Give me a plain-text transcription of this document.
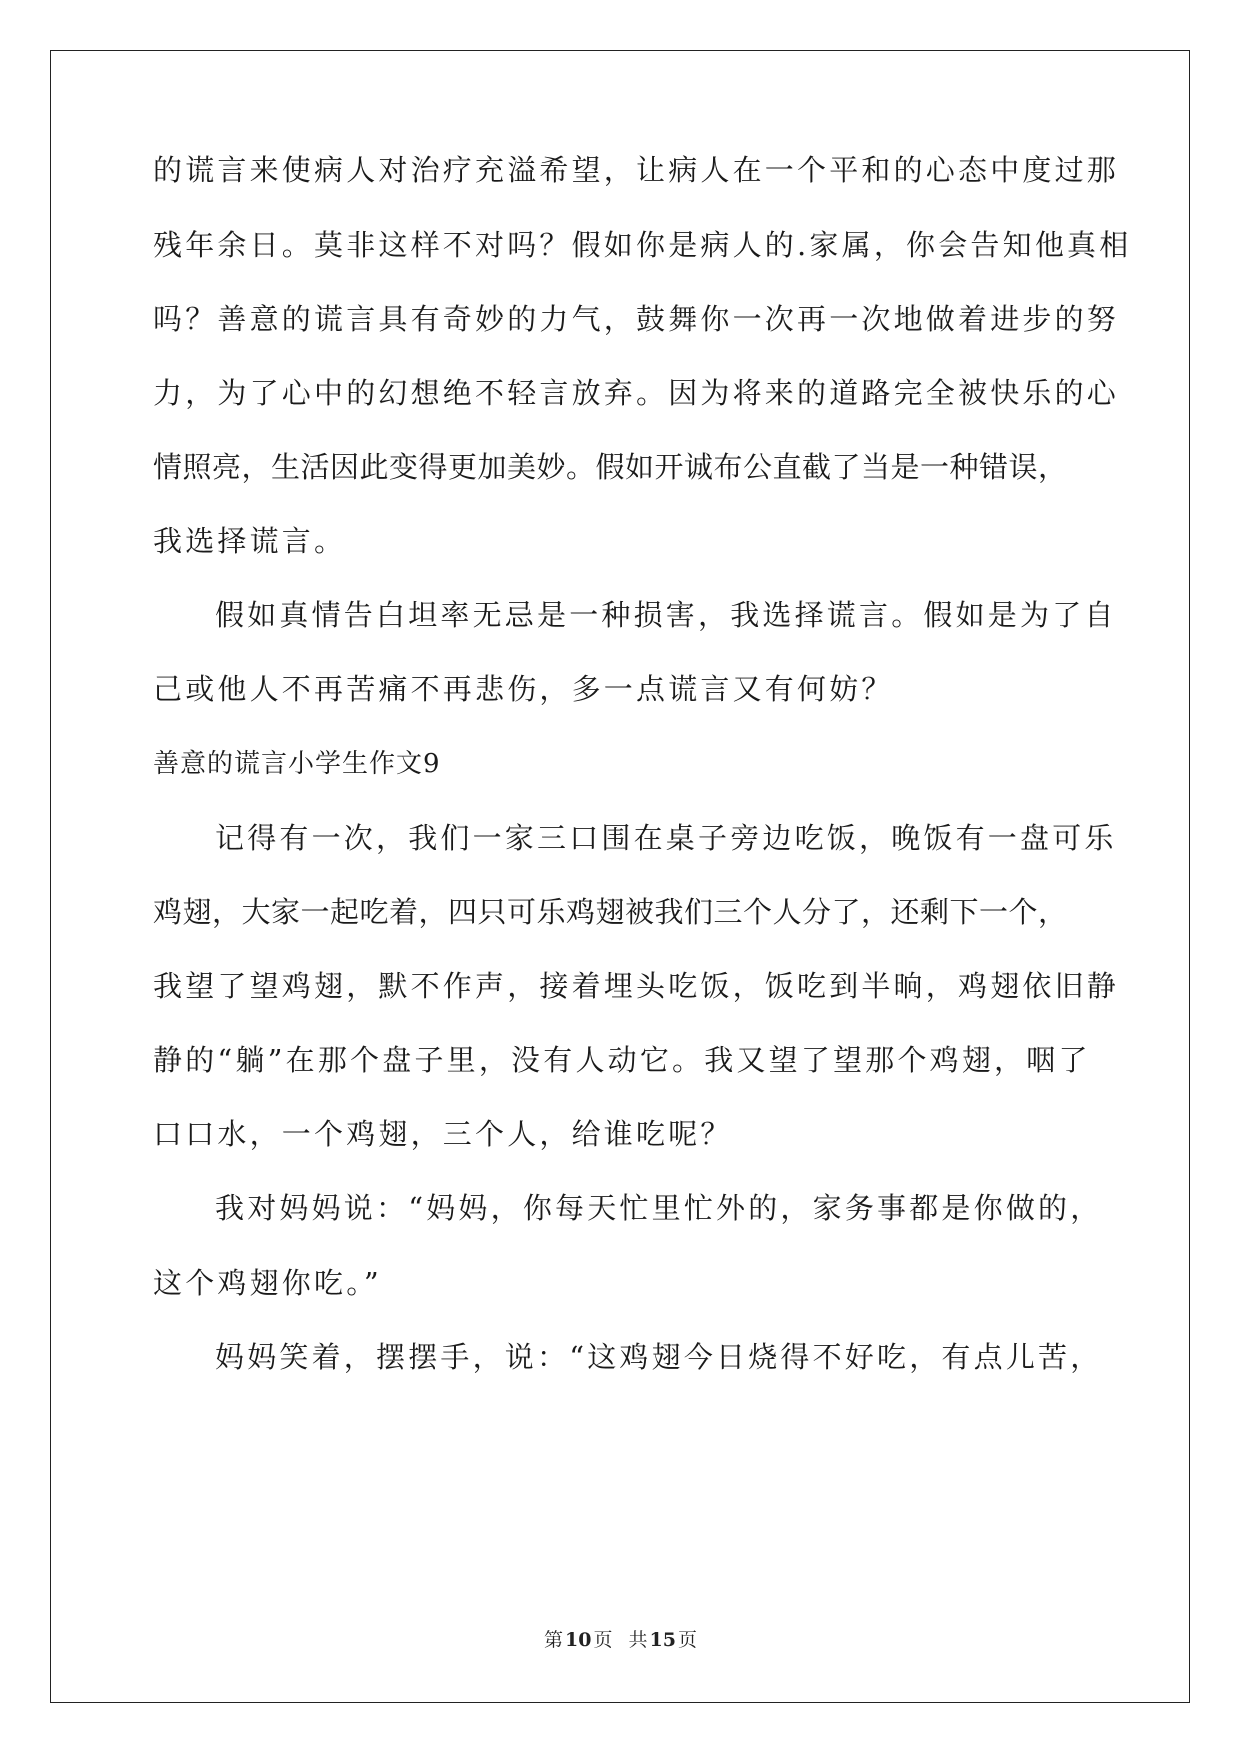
的谎言来使病人对治疗充溢希望，让病人在一个平和的心态中度过那
残年余日。莫非这样不对吗？假如你是病人的.家属，你会告知他真相
吗？善意的谎言具有奇妙的力气，鼓舞你一次再一次地做着进步的努
力，为了心中的幻想绝不轻言放弃。因为将来的道路完全被快乐的心
情照亮，生活因此变得更加美妙。假如开诚布公直截了当是一种错误，
我选择谎言。
假如真情告白坦率无忌是一种损害，我选择谎言。假如是为了自
己或他人不再苦痛不再悲伤，多一点谎言又有何妨？
善意的谎言小学生作文9
记得有一次，我们一家三口围在桌子旁边吃饭，晚饭有一盘可乐
鸡翅，大家一起吃着，四只可乐鸡翅被我们三个人分了，还剩下一个，
我望了望鸡翅，默不作声，接着埋头吃饭，饭吃到半晌，鸡翅依旧静
静的“躺”在那个盘子里，没有人动它。我又望了望那个鸡翅，咽了
口口水，一个鸡翅，三个人，给谁吃呢？
我对妈妈说：“妈妈，你每天忙里忙外的，家务事都是你做的，
这个鸡翅你吃。”
妈妈笑着，摆摆手，说：“这鸡翅今日烧得不好吃，有点儿苦，
第 10 页 共 15 页
